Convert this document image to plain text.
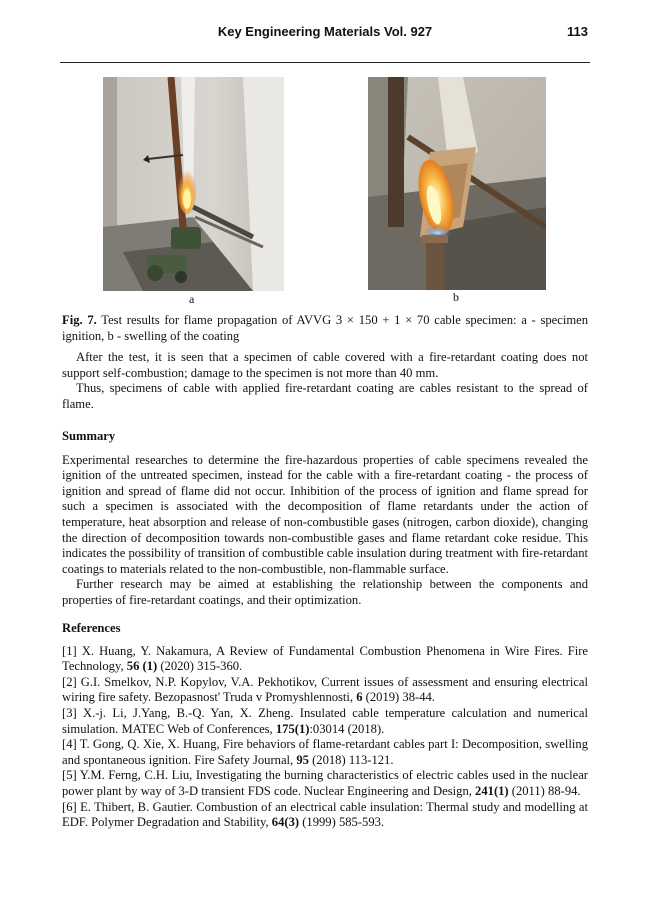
Key Engineering Materials Vol. 927	113
a	b

Fig. 7. Test results for flame propagation of AVVG 3 × 150 + 1 × 70 cable specimen: a - specimen ignition, b - swelling of the coating

After the test, it is seen that a specimen of cable covered with a fire-retardant coating does not support self-combustion; damage to the specimen is not more than 40 mm.

Thus, specimens of cable with applied fire-retardant coating are cables resistant to the spread of flame.

Summary

Experimental researches to determine the fire-hazardous properties of cable specimens revealed the ignition of the untreated specimen, instead for the cable with a fire-retardant coating - the process of ignition and spread of flame did not occur. Inhibition of the process of ignition and flame spread for such a specimen is associated with the decomposition of flame retardants under the action of temperature, heat absorption and release of non-combustible gases (nitrogen, carbon dioxide), changing the direction of decomposition towards non-combustible gases and flame retardant coke residue. This indicates the possibility of transition of combustible cable insulation during treatment with fire-retardant coatings to materials related to the non-combustible, non-flammable surface.

Further research may be aimed at establishing the relationship between the components and properties of fire-retardant coatings, and their optimization.

References

[1] X. Huang, Y. Nakamura, A Review of Fundamental Combustion Phenomena in Wire Fires. Fire Technology, 56 (1) (2020) 315-360.

[2] G.I. Smelkov, N.P. Kopylov, V.A. Pekhotikov, Current issues of assessment and ensuring electrical wiring fire safety. Bezopasnost' Truda v Promyshlennosti, 6 (2019) 38-44.

[3] X.-j. Li, J.Yang, B.-Q. Yan, X. Zheng. Insulated cable temperature calculation and numerical simulation. MATEC Web of Conferences, 175(1):03014 (2018).

[4] T. Gong, Q. Xie, X. Huang, Fire behaviors of flame-retardant cables part I: Decomposition, swelling and spontaneous ignition. Fire Safety Journal, 95 (2018) 113-121.

[5] Y.M. Ferng, C.H. Liu, Investigating the burning characteristics of electric cables used in the nuclear power plant by way of 3-D transient FDS code. Nuclear Engineering and Design, 241(1) (2011) 88-94.

[6] E. Thibert, B. Gautier. Combustion of an electrical cable insulation: Thermal study and modelling at EDF. Polymer Degradation and Stability, 64(3) (1999) 585-593.
